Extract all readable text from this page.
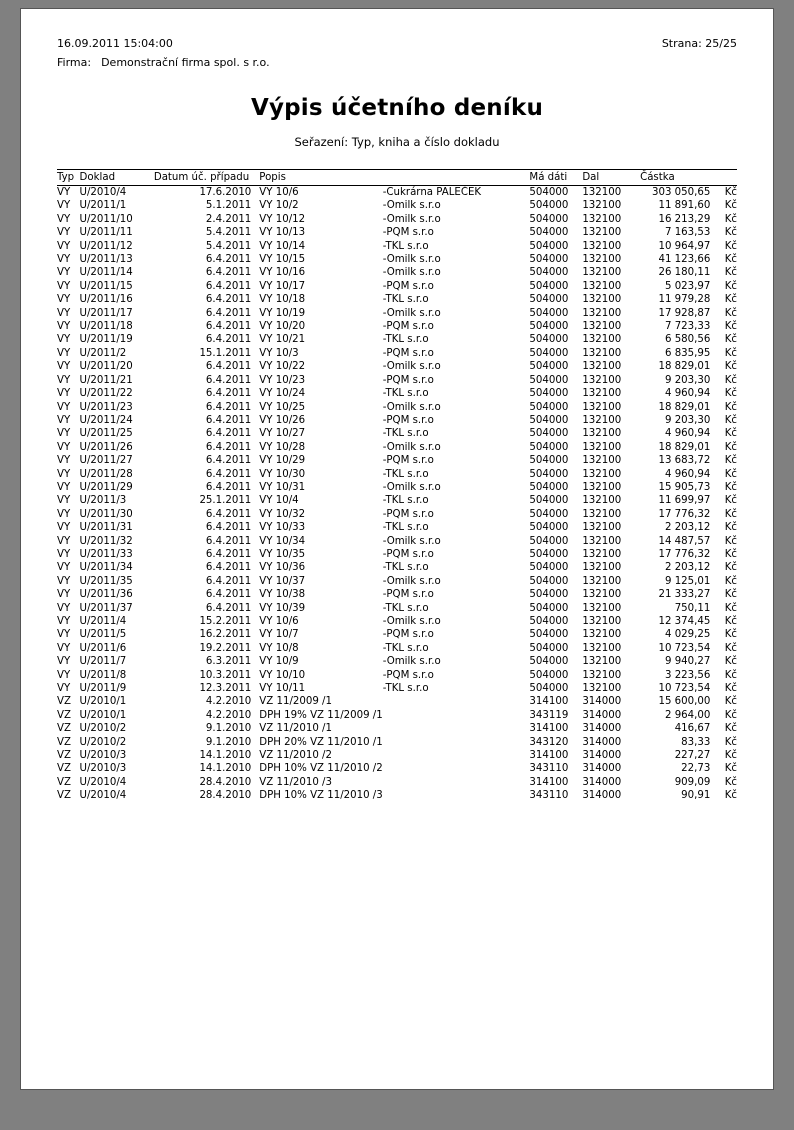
16.09.2011 15:04:00	Strana: 25/25
Firma: Demonstrační firma spol. s r.o.
Výpis účetního deníku
Seřazení: Typ, kniha a číslo dokladu
Typ	Doklad	Datum úč. případu	Popis		Má dáti	Dal	Částka	
VY	U/2010/4	17.6.2010	VY 10/6	-Cukrárna PALEČEK	504000	132100	303 050,65	Kč
VY	U/2011/1	5.1.2011	VY 10/2	-Omilk s.r.o	504000	132100	11 891,60	Kč
VY	U/2011/10	2.4.2011	VY 10/12	-Omilk s.r.o	504000	132100	16 213,29	Kč
VY	U/2011/11	5.4.2011	VY 10/13	-PQM s.r.o	504000	132100	7 163,53	Kč
VY	U/2011/12	5.4.2011	VY 10/14	-TKL s.r.o	504000	132100	10 964,97	Kč
VY	U/2011/13	6.4.2011	VY 10/15	-Omilk s.r.o	504000	132100	41 123,66	Kč
VY	U/2011/14	6.4.2011	VY 10/16	-Omilk s.r.o	504000	132100	26 180,11	Kč
VY	U/2011/15	6.4.2011	VY 10/17	-PQM s.r.o	504000	132100	5 023,97	Kč
VY	U/2011/16	6.4.2011	VY 10/18	-TKL s.r.o	504000	132100	11 979,28	Kč
VY	U/2011/17	6.4.2011	VY 10/19	-Omilk s.r.o	504000	132100	17 928,87	Kč
VY	U/2011/18	6.4.2011	VY 10/20	-PQM s.r.o	504000	132100	7 723,33	Kč
VY	U/2011/19	6.4.2011	VY 10/21	-TKL s.r.o	504000	132100	6 580,56	Kč
VY	U/2011/2	15.1.2011	VY 10/3	-PQM s.r.o	504000	132100	6 835,95	Kč
VY	U/2011/20	6.4.2011	VY 10/22	-Omilk s.r.o	504000	132100	18 829,01	Kč
VY	U/2011/21	6.4.2011	VY 10/23	-PQM s.r.o	504000	132100	9 203,30	Kč
VY	U/2011/22	6.4.2011	VY 10/24	-TKL s.r.o	504000	132100	4 960,94	Kč
VY	U/2011/23	6.4.2011	VY 10/25	-Omilk s.r.o	504000	132100	18 829,01	Kč
VY	U/2011/24	6.4.2011	VY 10/26	-PQM s.r.o	504000	132100	9 203,30	Kč
VY	U/2011/25	6.4.2011	VY 10/27	-TKL s.r.o	504000	132100	4 960,94	Kč
VY	U/2011/26	6.4.2011	VY 10/28	-Omilk s.r.o	504000	132100	18 829,01	Kč
VY	U/2011/27	6.4.2011	VY 10/29	-PQM s.r.o	504000	132100	13 683,72	Kč
VY	U/2011/28	6.4.2011	VY 10/30	-TKL s.r.o	504000	132100	4 960,94	Kč
VY	U/2011/29	6.4.2011	VY 10/31	-Omilk s.r.o	504000	132100	15 905,73	Kč
VY	U/2011/3	25.1.2011	VY 10/4	-TKL s.r.o	504000	132100	11 699,97	Kč
VY	U/2011/30	6.4.2011	VY 10/32	-PQM s.r.o	504000	132100	17 776,32	Kč
VY	U/2011/31	6.4.2011	VY 10/33	-TKL s.r.o	504000	132100	2 203,12	Kč
VY	U/2011/32	6.4.2011	VY 10/34	-Omilk s.r.o	504000	132100	14 487,57	Kč
VY	U/2011/33	6.4.2011	VY 10/35	-PQM s.r.o	504000	132100	17 776,32	Kč
VY	U/2011/34	6.4.2011	VY 10/36	-TKL s.r.o	504000	132100	2 203,12	Kč
VY	U/2011/35	6.4.2011	VY 10/37	-Omilk s.r.o	504000	132100	9 125,01	Kč
VY	U/2011/36	6.4.2011	VY 10/38	-PQM s.r.o	504000	132100	21 333,27	Kč
VY	U/2011/37	6.4.2011	VY 10/39	-TKL s.r.o	504000	132100	750,11	Kč
VY	U/2011/4	15.2.2011	VY 10/6	-Omilk s.r.o	504000	132100	12 374,45	Kč
VY	U/2011/5	16.2.2011	VY 10/7	-PQM s.r.o	504000	132100	4 029,25	Kč
VY	U/2011/6	19.2.2011	VY 10/8	-TKL s.r.o	504000	132100	10 723,54	Kč
VY	U/2011/7	6.3.2011	VY 10/9	-Omilk s.r.o	504000	132100	9 940,27	Kč
VY	U/2011/8	10.3.2011	VY 10/10	-PQM s.r.o	504000	132100	3 223,56	Kč
VY	U/2011/9	12.3.2011	VY 10/11	-TKL s.r.o	504000	132100	10 723,54	Kč
VZ	U/2010/1	4.2.2010	VZ 11/2009 /1		314100	314000	15 600,00	Kč
VZ	U/2010/1	4.2.2010	DPH 19% VZ 11/2009 /1		343119	314000	2 964,00	Kč
VZ	U/2010/2	9.1.2010	VZ 11/2010 /1		314100	314000	416,67	Kč
VZ	U/2010/2	9.1.2010	DPH 20% VZ 11/2010 /1		343120	314000	83,33	Kč
VZ	U/2010/3	14.1.2010	VZ 11/2010 /2		314100	314000	227,27	Kč
VZ	U/2010/3	14.1.2010	DPH 10% VZ 11/2010 /2		343110	314000	22,73	Kč
VZ	U/2010/4	28.4.2010	VZ 11/2010 /3		314100	314000	909,09	Kč
VZ	U/2010/4	28.4.2010	DPH 10% VZ 11/2010 /3		343110	314000	90,91	Kč
